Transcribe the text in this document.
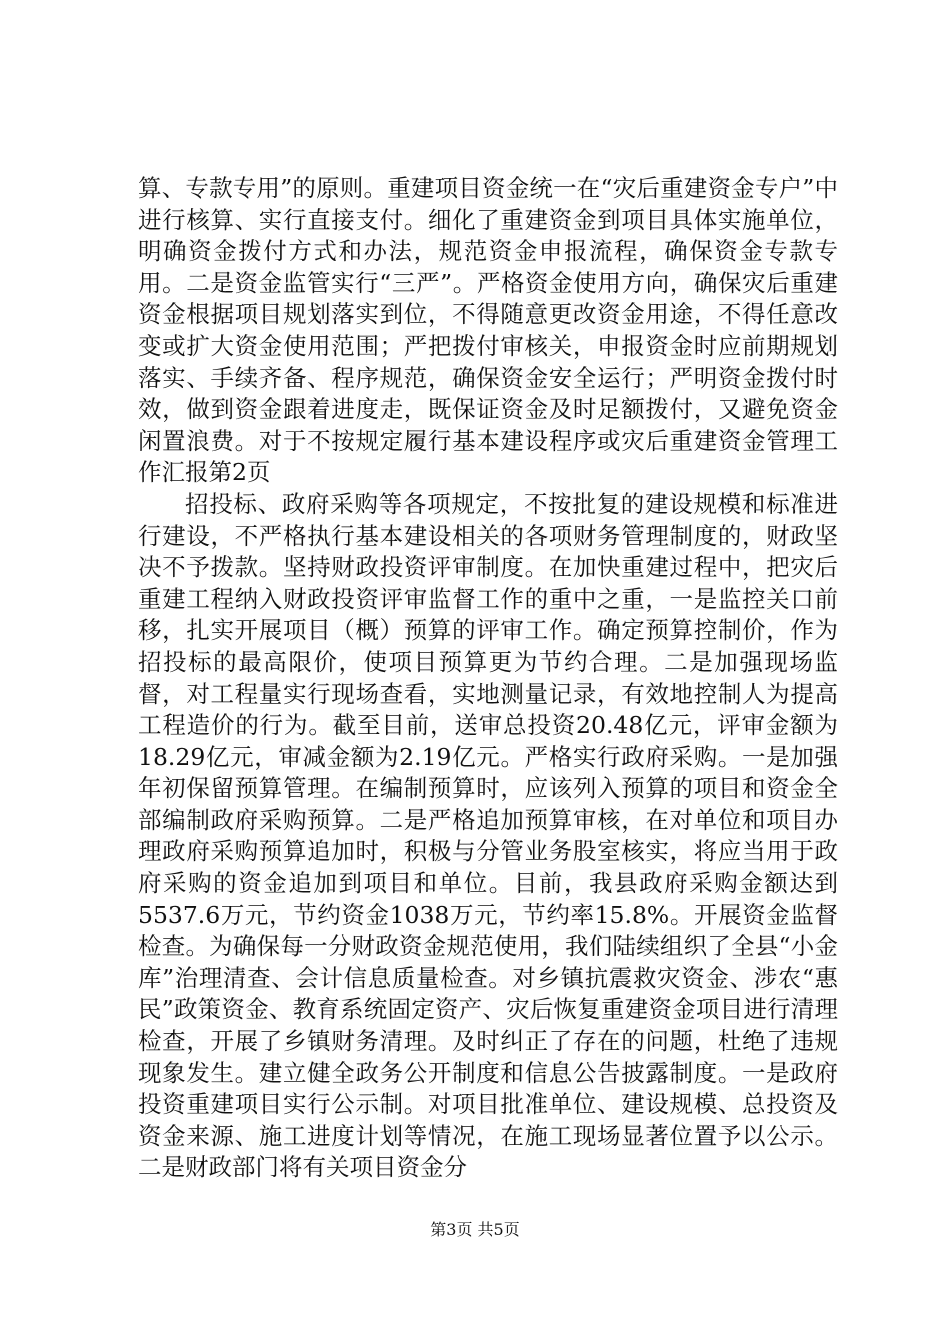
算、专款专用”的原则。重建项目资金统一在“灾后重建资金专户”中进行核算、实行直接支付。细化了重建资金到项目具体实施单位，明确资金拨付方式和办法，规范资金申报流程，确保资金专款专用。二是资金监管实行“三严”。严格资金使用方向，确保灾后重建资金根据项目规划落实到位，不得随意更改资金用途，不得任意改变或扩大资金使用范围；严把拨付审核关，申报资金时应前期规划落实、手续齐备、程序规范，确保资金安全运行；严明资金拨付时效，做到资金跟着进度走，既保证资金及时足额拨付，又避免资金闲置浪费。对于不按规定履行基本建设程序或灾后重建资金管理工作汇报第2页

招投标、政府采购等各项规定，不按批复的建设规模和标准进行建设，不严格执行基本建设相关的各项财务管理制度的，财政坚决不予拨款。坚持财政投资评审制度。在加快重建过程中，把灾后重建工程纳入财政投资评审监督工作的重中之重，一是监控关口前移，扎实开展项目（概）预算的评审工作。确定预算控制价，作为招投标的最高限价，使项目预算更为节约合理。二是加强现场监督，对工程量实行现场查看，实地测量记录，有效地控制人为提高工程造价的行为。截至目前，送审总投资20.48亿元，评审金额为18.29亿元，审减金额为2.19亿元。严格实行政府采购。一是加强年初保留预算管理。在编制预算时，应该列入预算的项目和资金全部编制政府采购预算。二是严格追加预算审核，在对单位和项目办理政府采购预算追加时，积极与分管业务股室核实，将应当用于政府采购的资金追加到项目和单位。目前，我县政府采购金额达到5537.6万元，节约资金1038万元，节约率15.8%。开展资金监督检查。为确保每一分财政资金规范使用，我们陆续组织了全县“小金库”治理清查、会计信息质量检查。对乡镇抗震救灾资金、涉农“惠民”政策资金、教育系统固定资产、灾后恢复重建资金项目进行清理检查，开展了乡镇财务清理。及时纠正了存在的问题，杜绝了违规现象发生。建立健全政务公开制度和信息公告披露制度。一是政府投资重建项目实行公示制。对项目批准单位、建设规模、总投资及资金来源、施工进度计划等情况，在施工现场显著位置予以公示。二是财政部门将有关项目资金分

第3页 共5页
